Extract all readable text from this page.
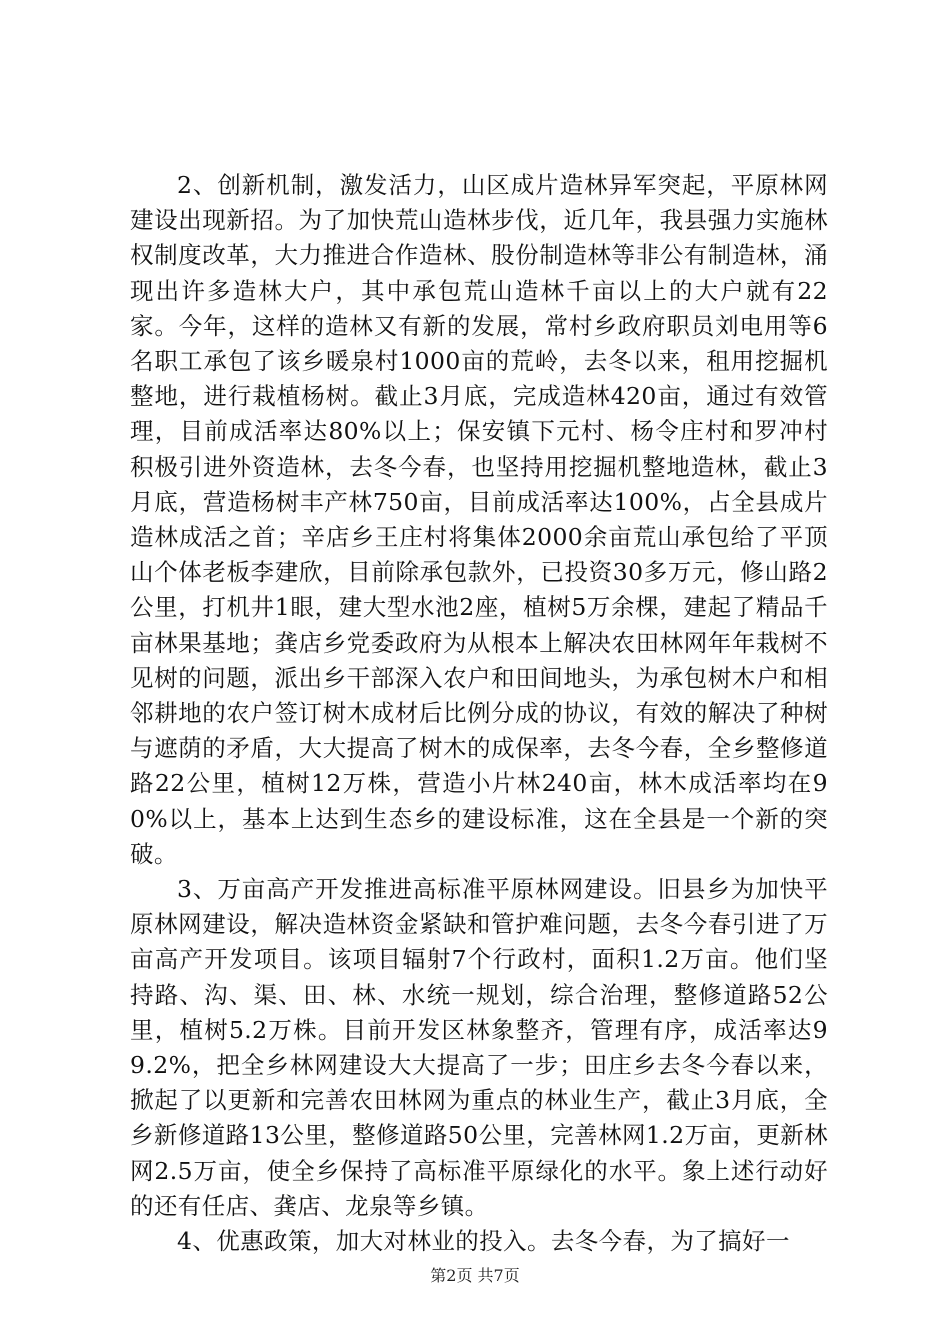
2、创新机制，激发活力，山区成片造林异军突起，平原林网建设出现新招。为了加快荒山造林步伐，近几年，我县强力实施林权制度改革，大力推进合作造林、股份制造林等非公有制造林，涌现出许多造林大户，其中承包荒山造林千亩以上的大户就有22家。今年，这样的造林又有新的发展，常村乡政府职员刘电用等6名职工承包了该乡暖泉村1000亩的荒岭，去冬以来，租用挖掘机整地，进行栽植杨树。截止3月底，完成造林420亩，通过有效管理，目前成活率达80%以上；保安镇下元村、杨令庄村和罗冲村积极引进外资造林，去冬今春，也坚持用挖掘机整地造林，截止3月底，营造杨树丰产林750亩，目前成活率达100%，占全县成片造林成活之首；辛店乡王庄村将集体2000余亩荒山承包给了平顶山个体老板李建欣，目前除承包款外，已投资30多万元，修山路2公里，打机井1眼，建大型水池2座，植树5万余棵，建起了精品千亩林果基地；龚店乡党委政府为从根本上解决农田林网年年栽树不见树的问题，派出乡干部深入农户和田间地头，为承包树木户和相邻耕地的农户签订树木成材后比例分成的协议，有效的解决了种树与遮荫的矛盾，大大提高了树木的成保率，去冬今春，全乡整修道路22公里，植树12万株，营造小片林240亩，林木成活率均在90%以上，基本上达到生态乡的建设标准，这在全县是一个新的突破。

3、万亩高产开发推进高标准平原林网建设。旧县乡为加快平原林网建设，解决造林资金紧缺和管护难问题，去冬今春引进了万亩高产开发项目。该项目辐射7个行政村，面积1.2万亩。他们坚持路、沟、渠、田、林、水统一规划，综合治理，整修道路52公里，植树5.2万株。目前开发区林象整齐，管理有序，成活率达99.2%，把全乡林网建设大大提高了一步；田庄乡去冬今春以来，掀起了以更新和完善农田林网为重点的林业生产，截止3月底，全乡新修道路13公里，整修道路50公里，完善林网1.2万亩，更新林网2.5万亩，使全乡保持了高标准平原绿化的水平。象上述行动好的还有任店、龚店、龙泉等乡镇。

4、优惠政策，加大对林业的投入。去冬今春，为了搞好一

第2页 共7页
